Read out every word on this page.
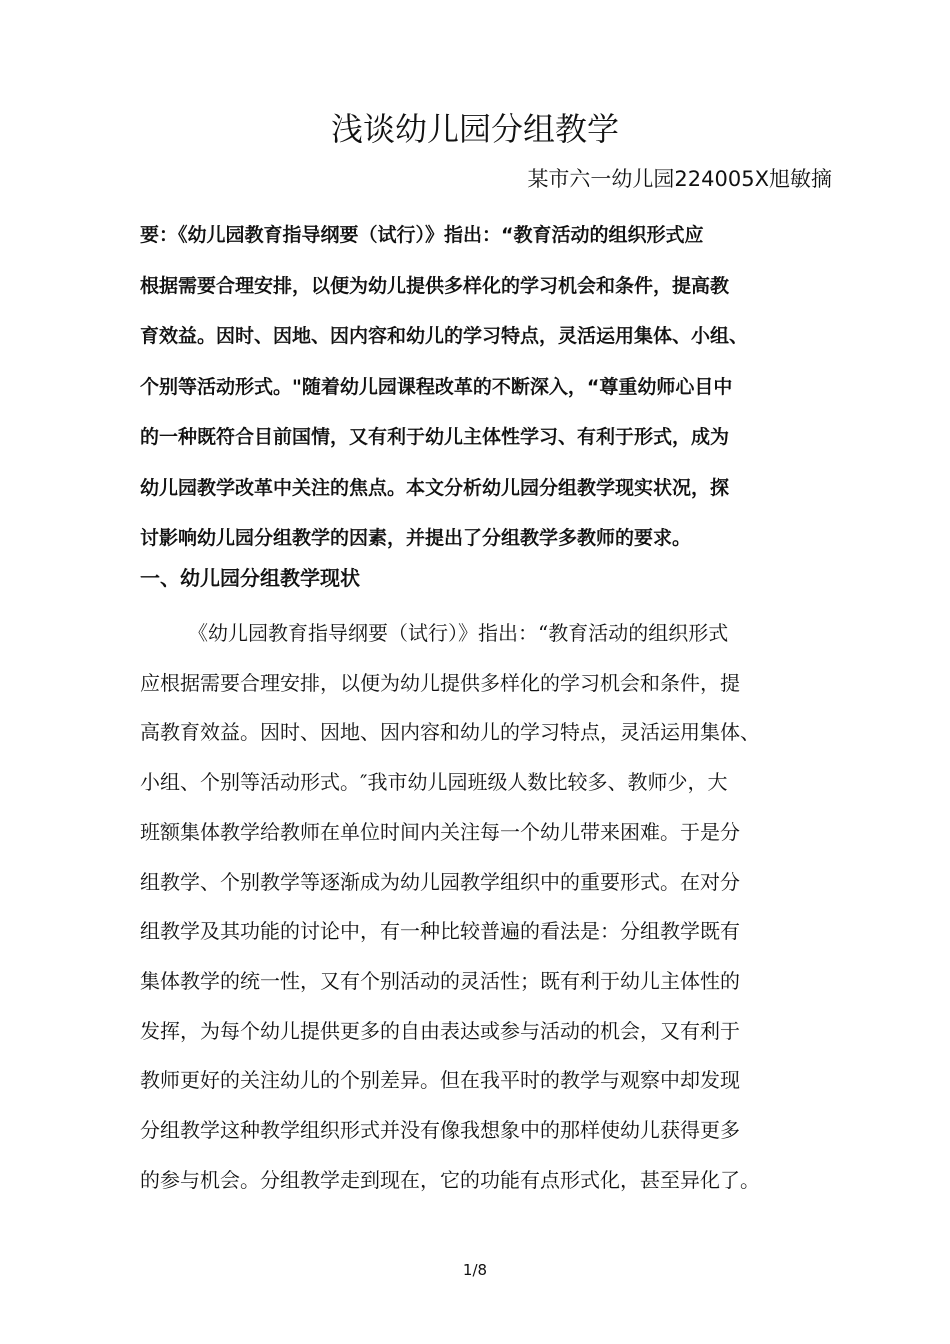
浅谈幼儿园分组教学
某市六一幼儿园224005X旭敏摘

要：《幼儿园教育指导纲要（试行）》指出：“教育活动的组织形式应
根据需要合理安排，以便为幼儿提供多样化的学习机会和条件，提高教
育效益。因时、因地、因内容和幼儿的学习特点，灵活运用集体、小组、
个别等活动形式。"随着幼儿园课程改革的不断深入，“尊重幼师心目中
的一种既符合目前国情，又有利于幼儿主体性学习、有利于形式，成为
幼儿园教学改革中关注的焦点。本文分析幼儿园分组教学现实状况，探
讨影响幼儿园分组教学的因素，并提出了分组教学多教师的要求。

一、幼儿园分组教学现状

《幼儿园教育指导纲要（试行）》指出：“教育活动的组织形式
应根据需要合理安排，以便为幼儿提供多样化的学习机会和条件，提
高教育效益。因时、因地、因内容和幼儿的学习特点，灵活运用集体、
小组、个别等活动形式。″我市幼儿园班级人数比较多、教师少，大
班额集体教学给教师在单位时间内关注每一个幼儿带来困难。于是分
组教学、个别教学等逐渐成为幼儿园教学组织中的重要形式。在对分
组教学及其功能的讨论中，有一种比较普遍的看法是：分组教学既有
集体教学的统一性，又有个别活动的灵活性；既有利于幼儿主体性的
发挥，为每个幼儿提供更多的自由表达或参与活动的机会，又有利于
教师更好的关注幼儿的个别差异。但在我平时的教学与观察中却发现
分组教学这种教学组织形式并没有像我想象中的那样使幼儿获得更多
的参与机会。分组教学走到现在，它的功能有点形式化，甚至异化了。

1/8
